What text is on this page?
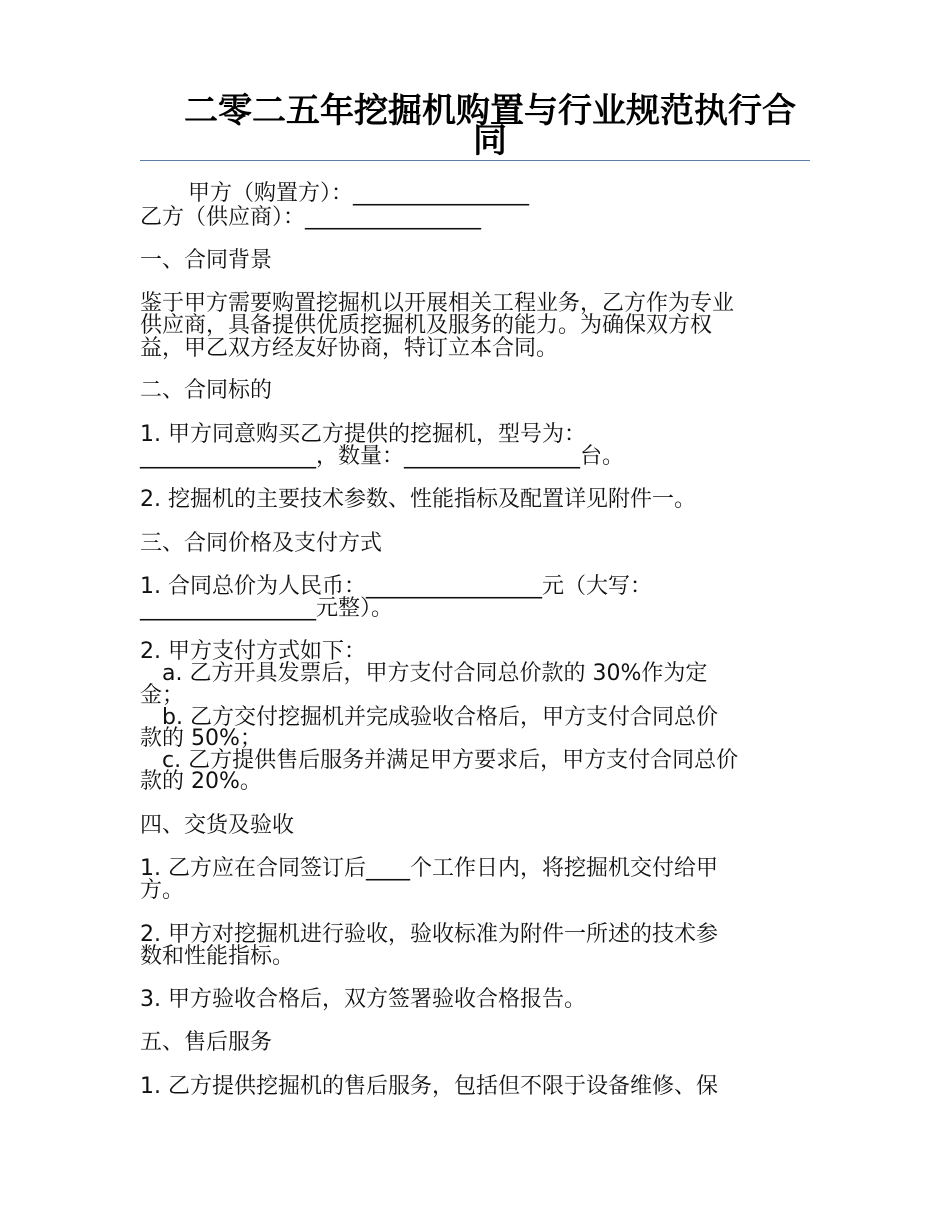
二零二五年挖掘机购置与行业规范执行合
同
甲方（购置方）：________________
乙方（供应商）：________________
一、合同背景
鉴于甲方需要购置挖掘机以开展相关工程业务，乙方作为专业
供应商，具备提供优质挖掘机及服务的能力。为确保双方权
益，甲乙双方经友好协商，特订立本合同。
二、合同标的
1. 甲方同意购买乙方提供的挖掘机，型号为：
________________，数量：________________台。
2. 挖掘机的主要技术参数、性能指标及配置详见附件一。
三、合同价格及支付方式
1. 合同总价为人民币：________________元（大写：
________________元整）。
2. 甲方支付方式如下：
a. 乙方开具发票后，甲方支付合同总价款的 30%作为定
金；
b. 乙方交付挖掘机并完成验收合格后，甲方支付合同总价
款的 50%；
c. 乙方提供售后服务并满足甲方要求后，甲方支付合同总价
款的 20%。
四、交货及验收
1. 乙方应在合同签订后____个工作日内，将挖掘机交付给甲
方。
2. 甲方对挖掘机进行验收，验收标准为附件一所述的技术参
数和性能指标。
3. 甲方验收合格后，双方签署验收合格报告。
五、售后服务
1. 乙方提供挖掘机的售后服务，包括但不限于设备维修、保
